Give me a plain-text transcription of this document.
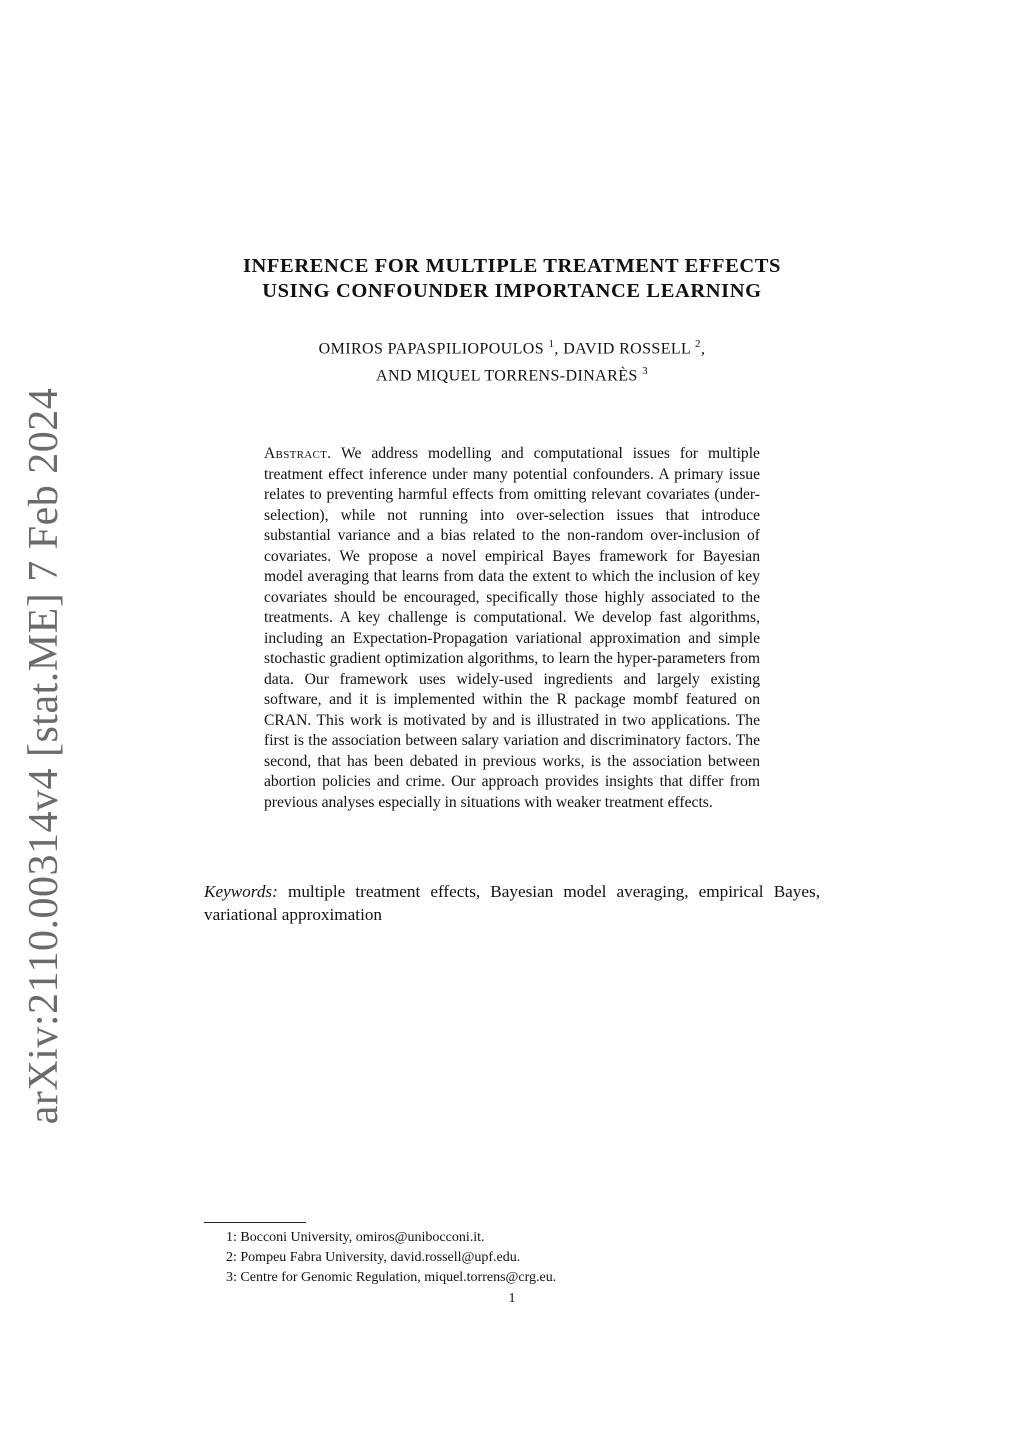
arXiv:2110.00314v4 [stat.ME] 7 Feb 2024
INFERENCE FOR MULTIPLE TREATMENT EFFECTS
USING CONFOUNDER IMPORTANCE LEARNING
OMIROS PAPASPILIOPOULOS $^1$, DAVID ROSSELL $^2$,
AND MIQUEL TORRENS-DINARÈS $^3$

Abstract. We address modelling and computational issues for multiple treatment effect inference under many potential confounders. A primary issue relates to preventing harmful effects from omitting relevant covariates (under-selection), while not running into over-selection issues that introduce substantial variance and a bias related to the non-random over-inclusion of covariates. We propose a novel empirical Bayes framework for Bayesian model averaging that learns from data the extent to which the inclusion of key covariates should be encouraged, specifically those highly associated to the treatments. A key challenge is computational. We develop fast algorithms, including an Expectation-Propagation variational approximation and simple stochastic gradient optimization algorithms, to learn the hyper-parameters from data. Our framework uses widely-used ingredients and largely existing software, and it is implemented within the R package mombf featured on CRAN. This work is motivated by and is illustrated in two applications. The first is the association between salary variation and discriminatory factors. The second, that has been debated in previous works, is the association between abortion policies and crime. Our approach provides insights that differ from previous analyses especially in situations with weaker treatment effects.

Keywords: multiple treatment effects, Bayesian model averaging, empirical Bayes, variational approximation

1: Bocconi University, omiros@unibocconi.it.
2: Pompeu Fabra University, david.rossell@upf.edu.
3: Centre for Genomic Regulation, miquel.torrens@crg.eu.
1
